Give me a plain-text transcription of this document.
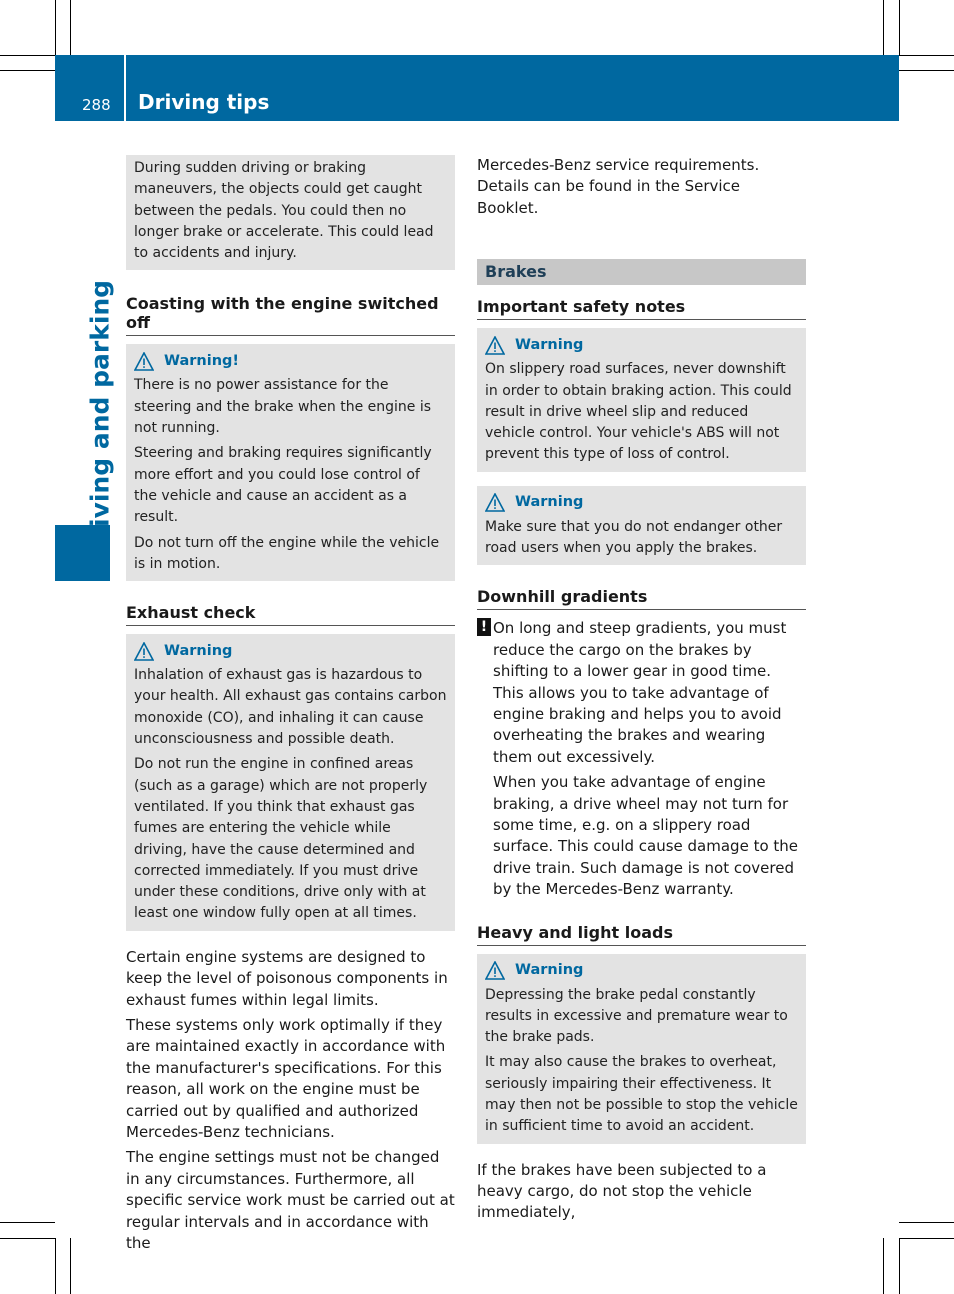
288 Driving tips
Driving and parking

During sudden driving or braking maneuvers, the objects could get caught between the pedals. You could then no longer brake or accelerate. This could lead to accidents and injury.

Coasting with the engine switched off
Warning!

There is no power assistance for the steering and the brake when the engine is not running.

Steering and braking requires significantly more effort and you could lose control of the vehicle and cause an accident as a result.

Do not turn off the engine while the vehicle is in motion.

Exhaust check
Warning

Inhalation of exhaust gas is hazardous to your health. All exhaust gas contains carbon monoxide (CO), and inhaling it can cause unconsciousness and possible death.

Do not run the engine in confined areas (such as a garage) which are not properly ventilated. If you think that exhaust gas fumes are entering the vehicle while driving, have the cause determined and corrected immediately. If you must drive under these conditions, drive only with at least one window fully open at all times.

Certain engine systems are designed to keep the level of poisonous components in exhaust fumes within legal limits.

These systems only work optimally if they are maintained exactly in accordance with the manufacturer's specifications. For this reason, all work on the engine must be carried out by qualified and authorized Mercedes-Benz technicians.

The engine settings must not be changed in any circumstances. Furthermore, all specific service work must be carried out at regular intervals and in accordance with the

Mercedes-Benz service requirements. Details can be found in the Service Booklet.

Brakes
Important safety notes
Warning

On slippery road surfaces, never downshift in order to obtain braking action. This could result in drive wheel slip and reduced vehicle control. Your vehicle's ABS will not prevent this type of loss of control.

Warning

Make sure that you do not endanger other road users when you apply the brakes.

Downhill gradients
! On long and steep gradients, you must reduce the cargo on the brakes by shifting to a lower gear in good time. This allows you to take advantage of engine braking and helps you to avoid overheating the brakes and wearing them out excessively.

When you take advantage of engine braking, a drive wheel may not turn for some time, e.g. on a slippery road surface. This could cause damage to the drive train. Such damage is not covered by the Mercedes-Benz warranty.

Heavy and light loads
Warning

Depressing the brake pedal constantly results in excessive and premature wear to the brake pads.

It may also cause the brakes to overheat, seriously impairing their effectiveness. It may then not be possible to stop the vehicle in sufficient time to avoid an accident.

If the brakes have been subjected to a heavy cargo, do not stop the vehicle immediately,
